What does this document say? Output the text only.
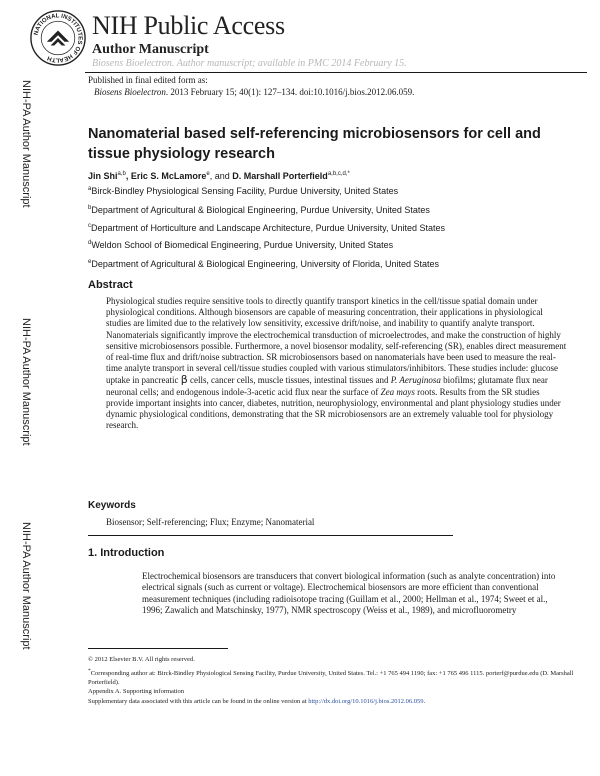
NATIONAL INSTITUTES OF HEALTH
NIH Public Access
Author Manuscript
Biosens Bioelectron. Author manuscript; available in PMC 2014 February 15.
Published in final edited form as:
Biosens Bioelectron. 2013 February 15; 40(1): 127–134. doi:10.1016/j.bios.2012.06.059.
NIH-PA Author Manuscript
NIH-PA Author Manuscript
NIH-PA Author Manuscript
Nanomaterial based self-referencing microbiosensors for cell and tissue physiology research
Jin Shi$^{a,b}$, Eric S. McLamore$^e$, and D. Marshall Porterfield$^{a,b,c,d,*}$
$^a$Birck-Bindley Physiological Sensing Facility, Purdue University, United States
$^b$Department of Agricultural & Biological Engineering, Purdue University, United States
$^c$Department of Horticulture and Landscape Architecture, Purdue University, United States
$^d$Weldon School of Biomedical Engineering, Purdue University, United States
$^e$Department of Agricultural & Biological Engineering, University of Florida, United States
Abstract
Physiological studies require sensitive tools to directly quantify transport kinetics in the cell/tissue spatial domain under physiological conditions. Although biosensors are capable of measuring concentration, their applications in physiological studies are limited due to the relatively low sensitivity, excessive drift/noise, and inability to quantify analyte transport. Nanomaterials significantly improve the electrochemical transduction of microelectrodes, and make the construction of highly sensitive microbiosensors possible. Furthermore, a novel biosensor modality, self-referencing (SR), enables direct measurement of real-time flux and drift/noise subtraction. SR microbiosensors based on nanomaterials have been used to measure the real-time analyte transport in several cell/tissue studies coupled with various stimulators/inhibitors. These studies include: glucose uptake in pancreatic β cells, cancer cells, muscle tissues, intestinal tissues and P. Aeruginosa biofilms; glutamate flux near neuronal cells; and endogenous indole-3-acetic acid flux near the surface of Zea mays roots. Results from the SR studies provide important insights into cancer, diabetes, nutrition, neurophysiology, environmental and plant physiology studies under dynamic physiological conditions, demonstrating that the SR microbiosensors are an extremely valuable tool for physiology research.
Keywords
Biosensor; Self-referencing; Flux; Enzyme; Nanomaterial
1. Introduction
Electrochemical biosensors are transducers that convert biological information (such as analyte concentration) into electrical signals (such as current or voltage). Electrochemical biosensors are more efficient than conventional measurement techniques (including radioisotope tracing (Guillam et al., 2000; Hellman et al., 1974; Sweet et al., 1996; Zawalich and Matschinsky, 1977), NMR spectroscopy (Weiss et al., 1989), and microfluorometry
© 2012 Elsevier B.V. All rights reserved.
*Corresponding author at: Birck-Bindley Physiological Sensing Facility, Purdue University, United States. Tel.: +1 765 494 1190; fax: +1 765 496 1115. porterf@purdue.edu (D. Marshall Porterfield).
Appendix A. Supporting information
Supplementary data associated with this article can be found in the online version at http://dx.doi.org/10.1016/j.bios.2012.06.059.
